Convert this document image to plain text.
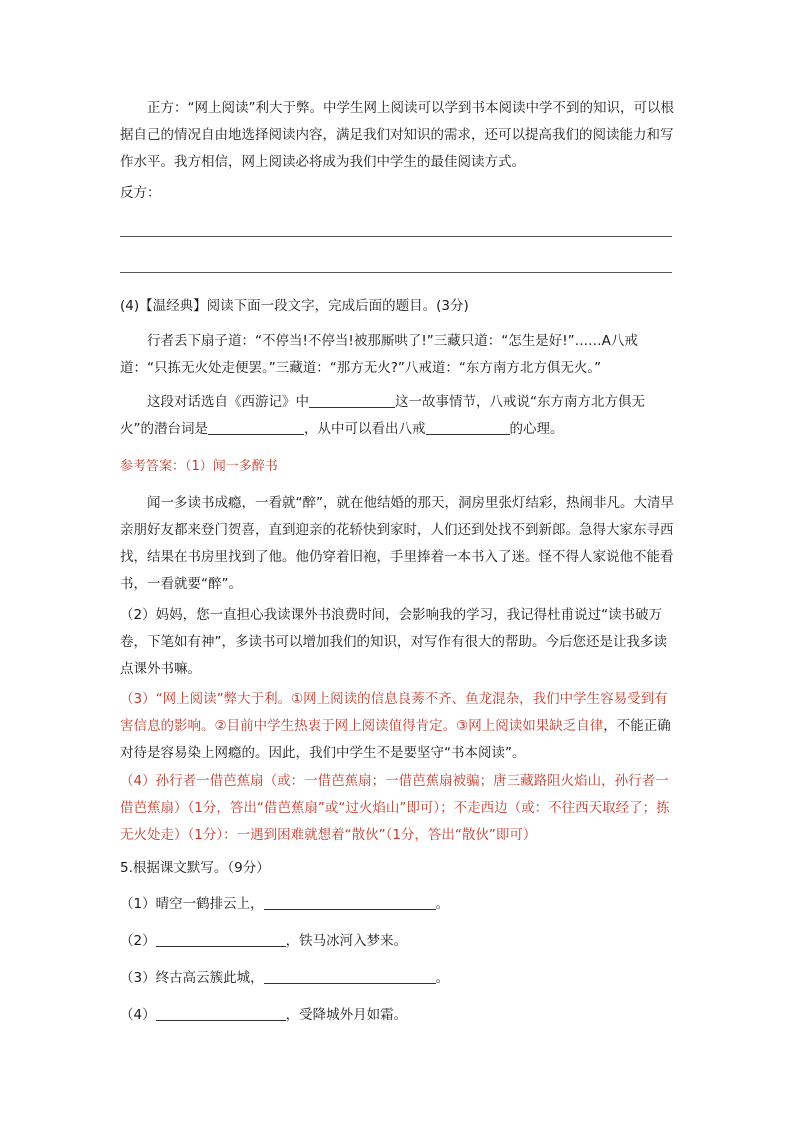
正方：“网上阅读”利大于弊。中学生网上阅读可以学到书本阅读中学不到的知识，可以根据自己的情况自由地选择阅读内容，满足我们对知识的需求，还可以提高我们的阅读能力和写作水平。我方相信，网上阅读必将成为我们中学生的最佳阅读方式。

反方：

(4)【温经典】阅读下面一段文字，完成后面的题目。(3分)

行者丢下扇子道：“不停当!不停当!被那厮哄了!”三藏只道：“怎生是好!”……A八戒道：“只拣无火处走便罢。”三藏道：“那方无火?”八戒道：“东方南方北方俱无火。”

这段对话选自《西游记》中	这一故事情节，八戒说“东方南方北方俱无火”的潜台词是	，从中可以看出八戒	的心理。

参考答案：（1）闻一多醉书

闻一多读书成瘾，一看就“醉”，就在他结婚的那天，洞房里张灯结彩，热闹非凡。大清早亲朋好友都来登门贺喜，直到迎亲的花轿快到家时，人们还到处找不到新郎。急得大家东寻西找，结果在书房里找到了他。他仍穿着旧袍，手里捧着一本书入了迷。怪不得人家说他不能看书，一看就要“醉”。

（2）妈妈，您一直担心我读课外书浪费时间，会影响我的学习，我记得杜甫说过“读书破万卷，下笔如有神”，多读书可以增加我们的知识，对写作有很大的帮助。今后您还是让我多读点课外书嘛。

（3）“网上阅读”弊大于利。①网上阅读的信息良莠不齐、鱼龙混杂，我们中学生容易受到有害信息的影响。②目前中学生热衷于网上阅读值得肯定。③网上阅读如果缺乏自律，不能正确对待是容易染上网瘾的。因此，我们中学生不是要坚守“书本阅读”。

（4）孙行者一借芭蕉扇（或：一借芭蕉扇；一借芭蕉扇被骗；唐三藏路阻火焰山，孙行者一借芭蕉扇）（1分，答出“借芭蕉扇”或“过火焰山”即可）；不走西边（或：不往西天取经了；拣无火处走）（1分）：一遇到困难就想着“散伙”（1分，答出“散伙”即可）

5.根据课文默写。（9分）

（1）晴空一鹤排云上，	。

（2）	，铁马冰河入梦来。

（3）终古高云簇此城，	。

（4）	，受降城外月如霜。
